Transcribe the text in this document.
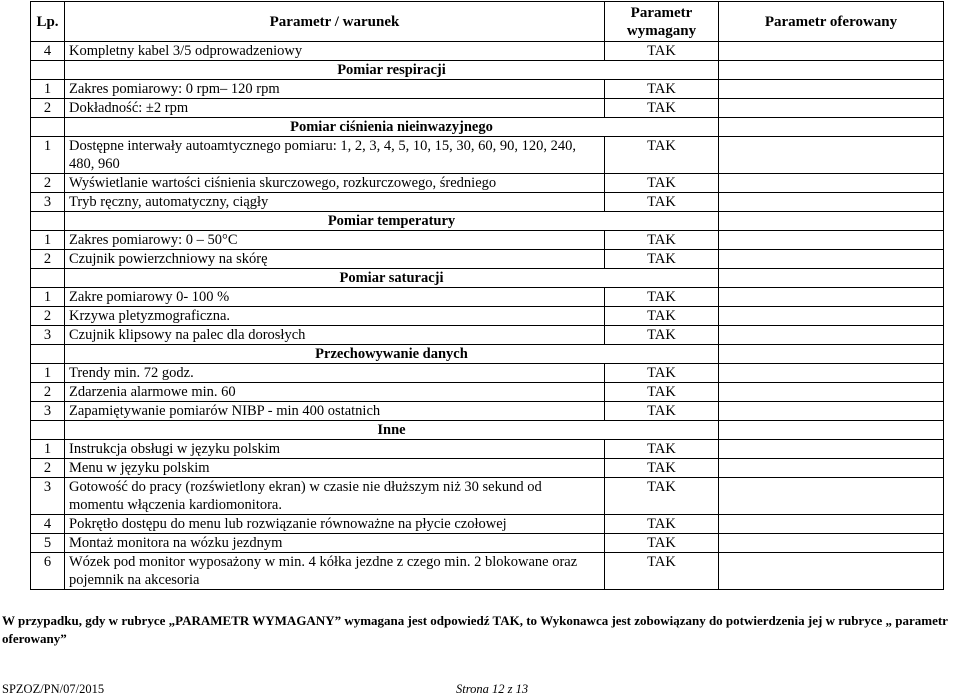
Lp.	Parametr / warunek	Parametr wymagany	Parametr oferowany
4	Kompletny kabel 3/5 odprowadzeniowy	TAK	
	Pomiar respiracji		
1	Zakres pomiarowy: 0 rpm– 120 rpm	TAK	
2	Dokładność: ±2 rpm	TAK	
	Pomiar ciśnienia nieinwazyjnego		
1	Dostępne interwały autoamtycznego pomiaru: 1, 2, 3, 4, 5, 10, 15, 30, 60, 90, 120, 240, 480, 960	TAK	
2	Wyświetlanie wartości ciśnienia skurczowego, rozkurczowego, średniego	TAK	
3	Tryb ręczny, automatyczny, ciągły	TAK	
	Pomiar temperatury		
1	Zakres pomiarowy: 0 – 50°C	TAK	
2	Czujnik powierzchniowy na skórę	TAK	
	Pomiar saturacji		
1	Zakre pomiarowy 0- 100 %	TAK	
2	Krzywa pletyzmograficzna.	TAK	
3	Czujnik klipsowy na palec dla dorosłych	TAK	
	Przechowywanie danych		
1	Trendy min. 72 godz.	TAK	
2	Zdarzenia alarmowe min. 60	TAK	
3	Zapamiętywanie pomiarów NIBP - min 400 ostatnich	TAK	
	Inne		
1	Instrukcja obsługi w języku polskim	TAK	
2	Menu w języku polskim	TAK	
3	Gotowość do pracy (rozświetlony ekran) w czasie nie dłuższym niż 30 sekund od momentu włączenia kardiomonitora.	TAK	
4	Pokrętło dostępu do menu lub rozwiązanie równoważne na płycie czołowej	TAK	
5	Montaż monitora na wózku jezdnym	TAK	
6	Wózek pod monitor wyposażony w min. 4 kółka jezdne z czego min. 2 blokowane oraz pojemnik na akcesoria	TAK	
W przypadku, gdy w rubryce „PARAMETR WYMAGANY” wymagana jest odpowiedź TAK, to Wykonawca jest zobowiązany do potwierdzenia jej w rubryce „ parametr oferowany”
SPZOZ/PN/07/2015	Strona 12 z 13
